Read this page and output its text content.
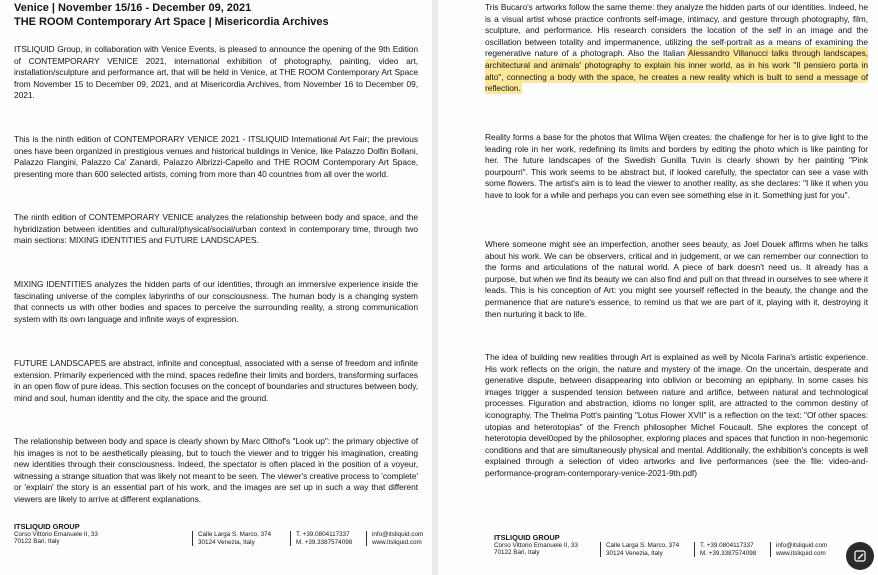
Venice | November 15/16 - December 09, 2021

THE ROOM Contemporary Art Space | Misericordia Archives

ITSLIQUID Group, in collaboration with Venice Events, is pleased to announce the opening of the 9th Edition of CONTEMPORARY VENICE 2021, international exhibition of photography, painting, video art, installation/sculpture and performance art, that will be held in Venice, at THE ROOM Contemporary Art Space from November 15 to December 09, 2021, and at Misericordia Archives, from November 16 to December 09, 2021.

This is the ninth edition of CONTEMPORARY VENICE 2021 - ITSLIQUID International Art Fair; the previous ones have been organized in prestigious venues and historical buildings in Venice, like Palazzo Dolfin Bollani, Palazzo Flangini, Palazzo Ca' Zanardi, Palazzo Albrizzi-Capello and THE ROOM Contemporary Art Space, presenting more than 600 selected artists, coming from more than 40 countries from all over the world.

The ninth edition of CONTEMPORARY VENICE analyzes the relationship between body and space, and the hybridization between identities and cultural/physical/social/urban context in contemporary time, through two main sections: MIXING IDENTITIES and FUTURE LANDSCAPES.

MIXING IDENTITIES analyzes the hidden parts of our identities, through an immersive experience inside the fascinating universe of the complex labyrinths of our consciousness. The human body is a changing system that connects us with other bodies and spaces to perceive the surrounding reality, a strong communication system with its own language and infinite ways of expression.

FUTURE LANDSCAPES are abstract, infinite and conceptual, associated with a sense of freedom and infinite extension. Primarily experienced with the mind, spaces redefine their limits and borders, transforming surfaces in an open flow of pure ideas. This section focuses on the concept of boundaries and structures between body, mind and soul, human identity and the city, the space and the ground.

The relationship between body and space is clearly shown by Marc Olthof's "Look up": the primary objective of his images is not to be aesthetically pleasing, but to touch the viewer and to trigger his imagination, creating new identities through their consciousness. Indeed, the spectator is often placed in the position of a voyeur, witnessing a strange situation that was likely not meant to be seen. The viewer's creative process to 'complete' or 'explain' the story is an essential part of his work, and the images are set up in such a way that different viewers are likely to arrive at different explanations.

ITSLIQUID GROUP
Corso Vittorio Emanuele II, 33
70122 Bari, Italy
Calle Larga S. Marco, 374
30124 Venezia, Italy
T. +39.0804117337
M. +39.3387574098
info@itsliquid.com
www.itsliquid.com

Tris Bucaro's artworks follow the same theme: they analyze the hidden parts of our identities. Indeed, he is a visual artist whose practice confronts self-image, intimacy, and gesture through photography, film, sculpture, and performance. His research considers the location of the self in an image and the oscillation between totality and impermanence, utilizing the self-portrait as a means of examining the regenerative nature of a photograph. Also the Italian Alessandro Villanucci talks through landscapes, architectural and animals' photography to explain his inner world, as in his work "Il pensiero porta in alto", connecting a body with the space, he creates a new reality which is built to send a message of reflection.

Reality forms a base for the photos that Wilma Wijen creates: the challenge for her is to give light to the leading role in her work, redefining its limits and borders by editing the photo which is like painting for her. The future landscapes of the Swedish Gunilla Tuvin is clearly shown by her painting "Pink pourpourri". This work seems to be abstract but, if looked carefully, the spectator can see a vase with some flowers. The artist's aim is to lead the viewer to another reality, as she declares: "I like it when you have to look for a while and perhaps you can even see something else in it. Something just for you".

Where someone might see an imperfection, another sees beauty, as Joel Douek affirms when he talks about his work. We can be observers, critical and in judgement, or we can remember our connection to the forms and articulations of the natural world. A piece of bark doesn't need us. It already has a purpose, but when we find its beauty we can also find and pull on that thread in ourselves to see where it leads. This is his conception of Art: you might see yourself reflected in the beauty, the change and the permanence that are nature's essence, to remind us that we are part of it, playing with it, destroying it then nurturing it back to life.

The idea of building new realities through Art is explained as well by Nicola Farina's artistic experience. His work reflects on the origin, the nature and mystery of the image. On the uncertain, desperate and generative dispute, between disappearing into oblivion or becoming an epiphany. In some cases his images trigger a suspended tension between nature and artifice, between natural and technological processes. Figuration and abstraction, idioms no longer split, are attracted to the common destiny of iconography. The Thelma Pott's painting "Lotus Flower XVII" is a reflection on the text: "Of other spaces: utopias and heterotopias" of the French philosopher Michel Foucault. She explores the concept of heterotopia devel0oped by the philosopher, exploring places and spaces that function in non-hegemonic conditions and that are simultaneously physical and mental. Additionally, the exhibition's concepts is well explained through a selection of video artworks and live performances (see the file: video-and-performance-program-contemporary-venice-2021-9th.pdf)

ITSLIQUID GROUP
Corso Vittorio Emanuele II, 33
70122 Bari, Italy
Calle Larga S. Marco, 374
30124 Venezia, Italy
T. +39.0804117337
M. +39.3387574098
info@itsliquid.com
www.itsliquid.com
